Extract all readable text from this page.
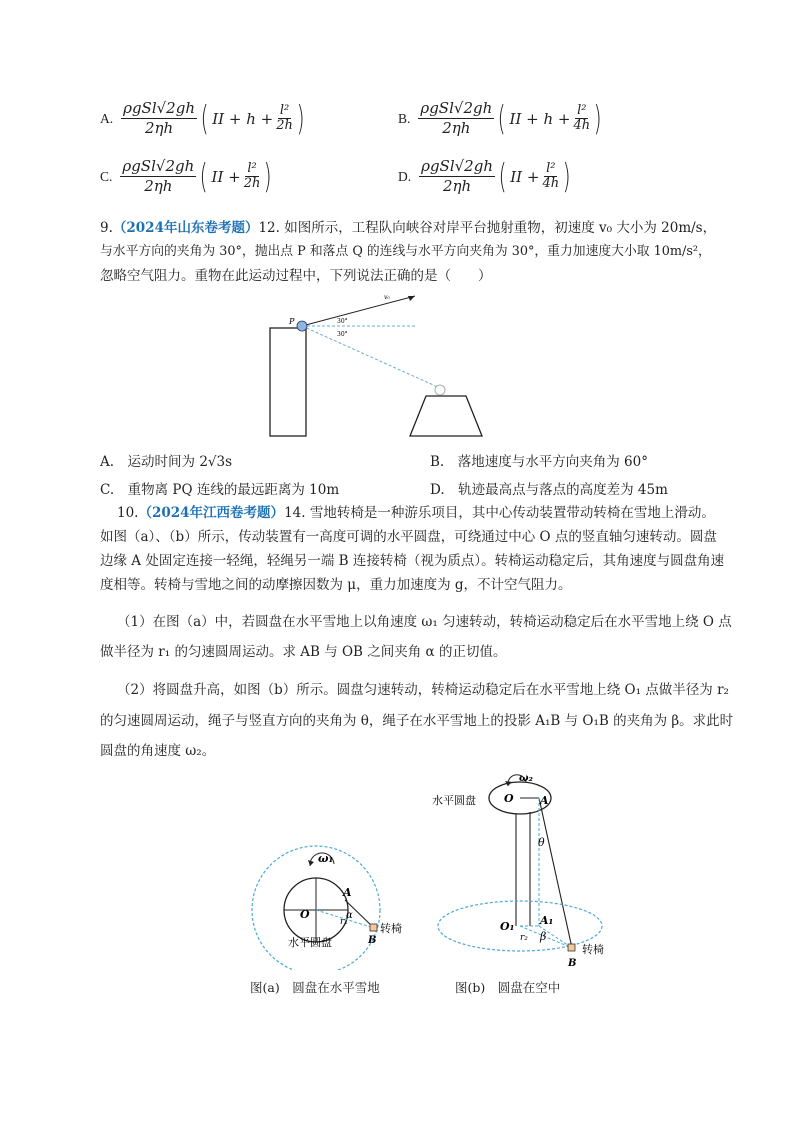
A. $\frac{\text{ρgSl√2gh}}{2\eta h}$ ( II + $h + \frac{\text{l²}}{2h}$ )	B. $\frac{\text{ρgSl√2gh}}{2\eta h}$ ( II + $h + \frac{\text{l²}}{4h}$ )
C. $\frac{\text{ρgSl√2gh}}{2\eta h}$ ( II + $\frac{\text{l²}}{2h}$ )	D. $\frac{\text{ρgSl√2gh}}{2\eta h}$ ( II + $\frac{\text{l²}}{4h}$ )
9.（2024年山东卷考题）12. 如图所示，工程队向峡谷对岸平台抛射重物，初速度 v₀ 大小为 20m/s，
与水平方向的夹角为 30°，抛出点 P 和落点 Q 的连线与水平方向夹角为 30°，重力加速度大小取 10m/s²，
忽略空气阻力。重物在此运动过程中，下列说法正确的是（　　）
P
v₀
30°
30°
A.　 运动时间为 2√3s	B.　 落地速度与水平方向夹角为 60°
C.　 重物离 PQ 连线的最远距离为 10m	D.　 轨迹最高点与落点的高度差为 45m
10.（2024年江西卷考题）14. 雪地转椅是一种游乐项目，其中心传动装置带动转椅在雪地上滑动。
如图（a）、（b）所示，传动装置有一高度可调的水平圆盘，可绕通过中心 O 点的竖直轴匀速转动。圆盘
边缘 A 处固定连接一轻绳，轻绳另一端 B 连接转椅（视为质点）。转椅运动稳定后，其角速度与圆盘角速
度相等。转椅与雪地之间的动摩擦因数为 μ，重力加速度为 g，不计空气阻力。
（1）在图（a）中，若圆盘在水平雪地上以角速度 ω₁ 匀速转动，转椅运动稳定后在水平雪地上绕 O 点
做半径为 r₁ 的匀速圆周运动。求 AB 与 OB 之间夹角 α 的正切值。
（2）将圆盘升高，如图（b）所示。圆盘匀速转动，转椅运动稳定后在水平雪地上绕 O₁ 点做半径为 r₂
的匀速圆周运动，绳子与竖直方向的夹角为 θ，绳子在水平雪地上的投影 A₁B 与 O₁B 的夹角为 β。求此时
圆盘的角速度 ω₂。
ω₁
O
A
r₁
α
B
转椅
水平圆盘
图(a)　圆盘在水平雪地
ω₂
水平圆盘	O A
θ
O₁ A₁
r₂ β
B
转椅
图(b)　圆盘在空中
